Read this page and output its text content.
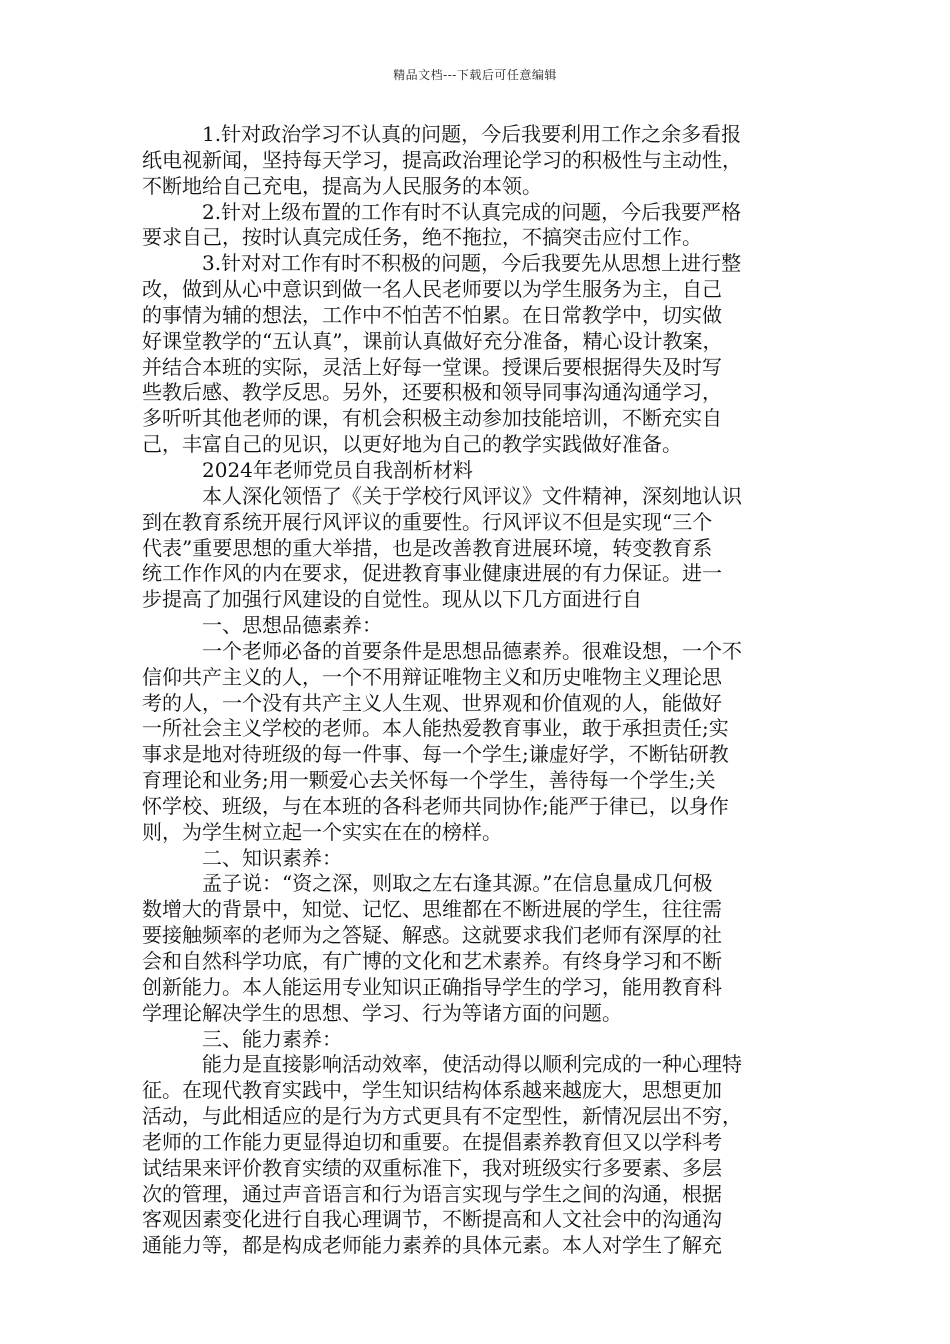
精品文档---下载后可任意编辑
1.针对政治学习不认真的问题，今后我要利用工作之余多看报
纸电视新闻，坚持每天学习，提高政治理论学习的积极性与主动性，
不断地给自己充电，提高为人民服务的本领。
2.针对上级布置的工作有时不认真完成的问题，今后我要严格
要求自己，按时认真完成任务，绝不拖拉，不搞突击应付工作。
3.针对对工作有时不积极的问题，今后我要先从思想上进行整
改，做到从心中意识到做一名人民老师要以为学生服务为主，自己
的事情为辅的想法，工作中不怕苦不怕累。在日常教学中，切实做
好课堂教学的“五认真”，课前认真做好充分准备，精心设计教案，
并结合本班的实际，灵活上好每一堂课。授课后要根据得失及时写
些教后感、教学反思。另外，还要积极和领导同事沟通沟通学习，
多听听其他老师的课，有机会积极主动参加技能培训，不断充实自
己，丰富自己的见识，以更好地为自己的教学实践做好准备。
2024年老师党员自我剖析材料
本人深化领悟了《关于学校行风评议》文件精神，深刻地认识
到在教育系统开展行风评议的重要性。行风评议不但是实现“三个
代表”重要思想的重大举措，也是改善教育进展环境，转变教育系
统工作作风的内在要求，促进教育事业健康进展的有力保证。进一
步提高了加强行风建设的自觉性。现从以下几方面进行自
一、思想品德素养：
一个老师必备的首要条件是思想品德素养。很难设想，一个不
信仰共产主义的人，一个不用辩证唯物主义和历史唯物主义理论思
考的人，一个没有共产主义人生观、世界观和价值观的人，能做好
一所社会主义学校的老师。本人能热爱教育事业，敢于承担责任;实
事求是地对待班级的每一件事、每一个学生;谦虚好学，不断钻研教
育理论和业务;用一颗爱心去关怀每一个学生，善待每一个学生;关
怀学校、班级，与在本班的各科老师共同协作;能严于律已，以身作
则，为学生树立起一个实实在在的榜样。
二、知识素养：
孟子说：“资之深，则取之左右逢其源。”在信息量成几何极
数增大的背景中，知觉、记忆、思维都在不断进展的学生，往往需
要接触频率的老师为之答疑、解惑。这就要求我们老师有深厚的社
会和自然科学功底，有广博的文化和艺术素养。有终身学习和不断
创新能力。本人能运用专业知识正确指导学生的学习，能用教育科
学理论解决学生的思想、学习、行为等诸方面的问题。
三、能力素养：
能力是直接影响活动效率，使活动得以顺利完成的一种心理特
征。在现代教育实践中，学生知识结构体系越来越庞大，思想更加
活动，与此相适应的是行为方式更具有不定型性，新情况层出不穷，
老师的工作能力更显得迫切和重要。在提倡素养教育但又以学科考
试结果来评价教育实绩的双重标准下，我对班级实行多要素、多层
次的管理，通过声音语言和行为语言实现与学生之间的沟通，根据
客观因素变化进行自我心理调节，不断提高和人文社会中的沟通沟
通能力等，都是构成老师能力素养的具体元素。本人对学生了解充
